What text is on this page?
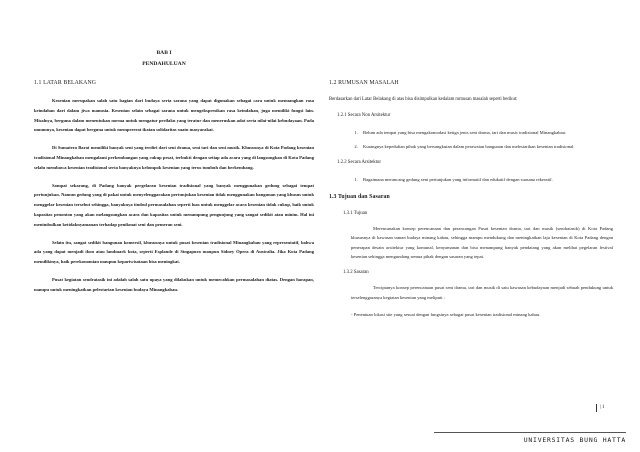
BAB I
PENDAHULUAN
1.1 LATAR BELAKANG

Kesenian merupakan salah satu bagian dari budaya serta sarana yang dapat digunakan sebagai cara untuk menuangkan rasa keindahan dari dalam jiwa manusia. Kesenian selain sebagai sarana untuk mengekspresikan rasa keindahan, juga memiliki fungsi lain. Misalnya, berguna dalam menentukan norma untuk mengatur perilaku yang teratur dan meneruskan adat serta nilai-nilai kebudayaan. Pada umumnya, kesenian dapat berguna untuk mempererat ikatan solidaritas suatu masyarakat.

Di Sumatera Barat memiliki banyak seni yang terdiri dari seni drama, seni tari dan seni musik. Khususnya di Kota Padang kesenian tradisional Minangkabau mengalami perkembangan yang cukup pesat, terbukti dengan setiap ada acara yang di langsungkan di Kota Padang selalu membawa kesenian tradisional serta banyaknya kelompok kesenian yang terus tumbuh dan berkembang.

Sampai sekarang, di Padang banyak pergelaran kesenian tradisional yang banyak menggunakan gedung sebagai tempat pertunjukan. Namun gedung yang di pakai untuk menyelenggarakan pertunjukan kesenian tidak menggunakan bangunan yang khusus untuk menggelar kesenian tersebut sehingga, banyaknya timbul permasalahan seperti luas untuk menggelar acara kesenian tidak cukup, baik untuk kapasitas penonton yang akan melangsungkan acara dan kapasitas untuk menampung pengunjung yang sangat sedikit atau minim. Hal ini menimbulkan ketidaknyamanan terhadap penikmat seni dan pemeran seni.

Selain itu, sangat sedikit bangunan komersil, khususnya untuk pusat kesenian tradisional Minangkabau yang representatif, bahwa ada yang dapat menjadi ikon atau landmark kota, seperti Esplande di Singapura maupun Sidney Opera di Australia. Jika Kota Padang memilikinya, baik perekonomian maupun kepariwisataan bisa meningkat.

Pusat kegiatan sendratasik ini adalah salah satu upaya yang dilakukan untuk memecahkan permasalahan diatas. Dengan harapan, mampu untuk meningkatkan pelestarian kesenian budaya Minangkabau.

1.2 RUMUSAN MASALAH
Berdasarkan dari Latar Belakang di atas bisa disimpulkan kedalam rumusan masalah seperti berikut:
1.2.1 Secara Non Arsitektur
1. Belum ada tempat yang bisa mengakomodasi ketiga jenis seni drama, tari dan music tradisional Minangkabau.
2. Kurangnya kepedulian pihak yang bersangkutan dalam perawatan bangunan dan melestarikan kesenian tradisional.
1.2.2 Secara Arsitektur
1. Bagaimana merancang gedung seni pertunjukan yang informatif dan edukatif dengan suasana rekreatif.
1.3 Tujuan dan Sasaran
1.3.1 Tujuan
Merencanakan konsep perencanaan dan perancangan Pusat kesenian drama, tari dan musik (sendratasik) di Kota Padang khususnya di kawasan taman budaya minang kabau, sehingga mampu mendukung dan meningkatkan laju kesenian di Kota Padang dengan penerapan desain arsitektur yang komunal, kenyamanan dan bisa menampung banyak pendatang yang akan melihat pegelaran festival kesenian sehingga mengundang semua pihak dengan sasaran yang tepat.
1.3.2 Sasaran
Terciptanya konsep perencanaan pusat seni drama, tari dan musik di satu kawasan kebudayaan menjadi sebuah pendukung untuk terselenggaranya kegiatan kesenian yang meliputi :
- Penentuan lokasi site yang sesuai dengan fungsinya sebagai pusat kesenian tradisional minang kabau.
| 1
UNIVERSITAS BUNG HATTA
